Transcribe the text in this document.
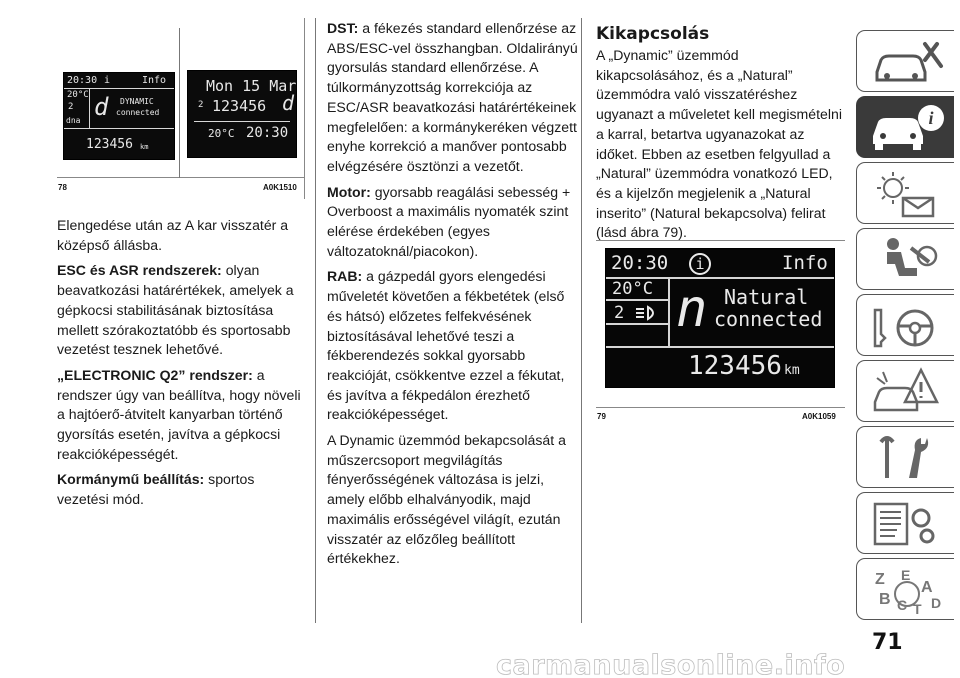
20:30 i	Info
20°C
2
dna d DYNAMIC
connected
123456 km
Mon 15 Mar
2 123456 d
20°C 20:30
78	A0K1510

Elengedése után az A kar visszatér a középső állásba.

ESC és ASR rendszerek: olyan beavatkozási határértékek, amelyek a gépkocsi stabilitásának biztosítása mellett szórakoztatóbb és sportosabb vezetést tesznek lehetővé.

„ELECTRONIC Q2” rendszer: a rendszer úgy van beállítva, hogy növeli a hajtóerő-átvitelt kanyarban történő gyorsítás esetén, javítva a gépkocsi reakcióképességét.

Kormánymű beállítás: sportos vezetési mód.

DST: a fékezés standard ellenőrzése az ABS/ESC-vel összhangban. Oldalirányú gyorsulás standard ellenőrzése. A túlkormányzottság korrekciója az ESC/ASR beavatkozási határértékeinek megfelelően: a kormánykeréken végzett enyhe korrekció a manőver pontosabb elvégzésére ösztönzi a vezetőt.

Motor: gyorsabb reagálási sebesség + Overboost a maximális nyomaték szint elérése érdekében (egyes változatoknál/piacokon).

RAB: a gázpedál gyors elengedési műveletét követően a fékbetétek (első és hátsó) előzetes felfekvésének biztosításával lehetővé teszi a fékberendezés sokkal gyorsabb reakcióját, csökkentve ezzel a fékutat, és javítva a fékpedálon érezhető reakcióképességet.

A Dynamic üzemmód bekapcsolását a műszercsoport megvilágítás fényerősségének változása is jelzi, amely előbb elhalványodik, majd maximális erősségével világít, ezután visszatér az előzőleg beállított értékekhez.

Kikapcsolás

A „Dynamic” üzemmód kikapcsolásához, és a „Natural” üzemmódra való visszatéréshez ugyanazt a műveletet kell megismételni a karral, betartva ugyanazokat az időket. Ebben az esetben felgyullad a „Natural” üzemmódra vonatkozó LED, és a kijelzőn megjelenik a „Natural inserito” (Natural bekapcsolva) felirat (lásd ábra 79).

20:30	i	Info
20°C
2 n Natural
connected
123456 km
79	A0K1059
i
Z E
A
B C T D
71
carmanualsonline.info
